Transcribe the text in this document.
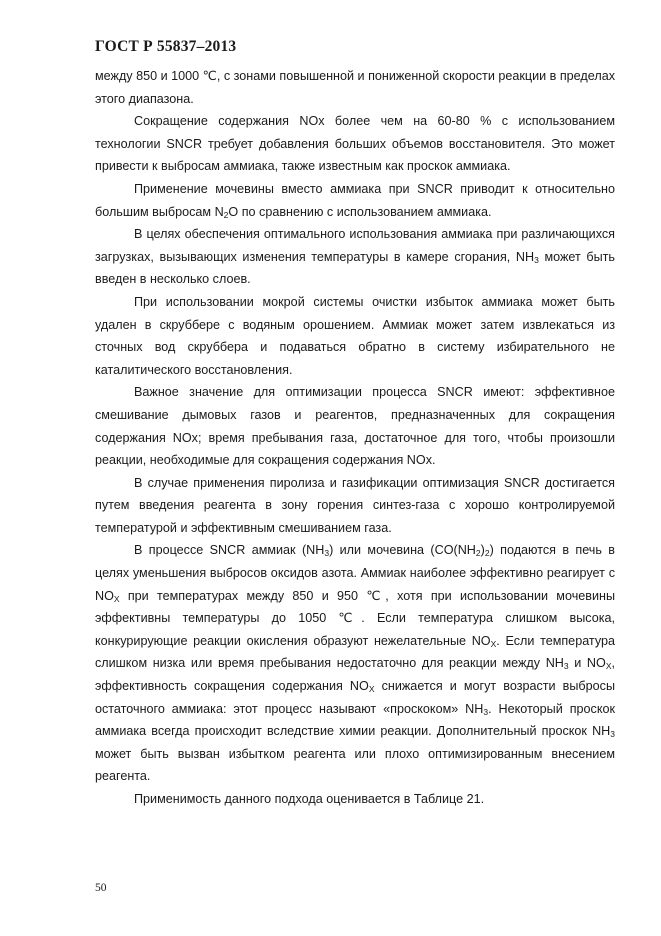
ГОСТ Р 55837–2013

между 850 и 1000 ℃, с зонами повышенной и пониженной скорости реакции в пределах этого диапазона.

Сокращение содержания NOx более чем на 60-80 % с использованием технологии SNCR требует добавления больших объемов восстановителя. Это может привести к выбросам аммиака, также известным как проскок аммиака.

Применение мочевины вместо аммиака при SNCR приводит к относительно большим выбросам $N_2O$ по сравнению с использованием аммиака.

В целях обеспечения оптимального использования аммиака при различающихся загрузках, вызывающих изменения температуры в камере сгорания, $NH_3$ может быть введен в несколько слоев.

При использовании мокрой системы очистки избыток аммиака может быть удален в скруббере с водяным орошением. Аммиак может затем извлекаться из сточных вод скруббера и подаваться обратно в систему избирательного не каталитического восстановления.

Важное значение для оптимизации процесса SNCR имеют: эффективное смешивание дымовых газов и реагентов, предназначенных для сокращения содержания NOx; время пребывания газа, достаточное для того, чтобы произошли реакции, необходимые для сокращения содержания NOx.

В случае применения пиролиза и газификации оптимизация SNCR достигается путем введения реагента в зону горения синтез-газа с хорошо контролируемой температурой и эффективным смешиванием газа.

В процессе SNCR аммиак $(NH_3)$ или мочевина $(CO(NH_2)_2)$ подаются в печь в целях уменьшения выбросов оксидов азота. Аммиак наиболее эффективно реагирует с $NO_X$ при температурах между 850 и 950 ℃, хотя при использовании мочевины эффективны температуры до 1050 ℃. Если температура слишком высока, конкурирующие реакции окисления образуют нежелательные $NO_X$. Если температура слишком низка или время пребывания недостаточно для реакции между $NH_3$ и $NO_X$, эффективность сокращения содержания $NO_X$ снижается и могут возрасти выбросы остаточного аммиака: этот процесс называют «проскоком» $NH_3$. Некоторый проскок аммиака всегда происходит вследствие химии реакции. Дополнительный проскок $NH_3$ может быть вызван избытком реагента или плохо оптимизированным внесением реагента.

Применимость данного подхода оценивается в Таблице 21.

50
